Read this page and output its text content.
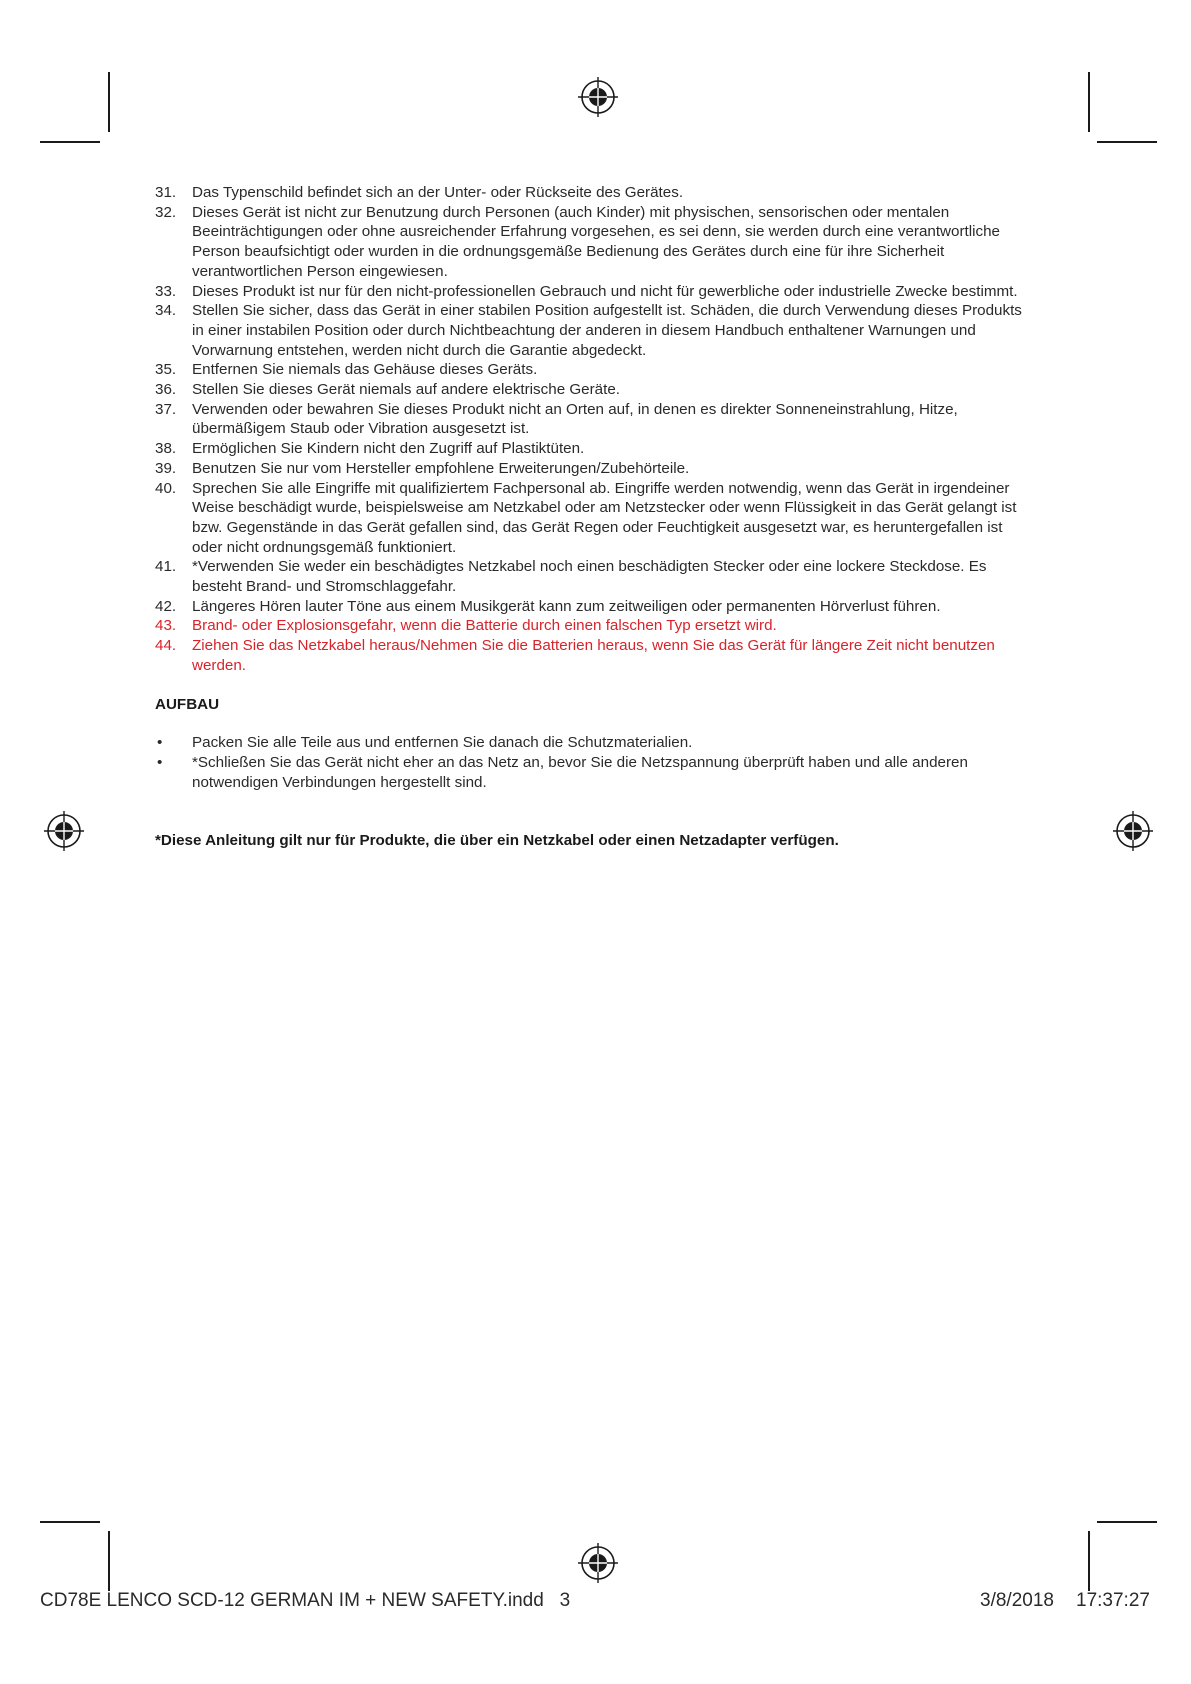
31.	Das Typenschild befindet sich an der Unter- oder Rückseite des Gerätes.
32.	Dieses Gerät ist nicht zur Benutzung durch Personen (auch Kinder) mit physischen, sensorischen oder mentalen Beeinträchtigungen oder ohne ausreichender Erfahrung vorgesehen, es sei denn, sie werden durch eine verantwortliche Person beaufsichtigt oder wurden in die ordnungsgemäße Bedienung des Gerätes durch eine für ihre Sicherheit verantwortlichen Person eingewiesen.
33.	Dieses Produkt ist nur für den nicht-professionellen Gebrauch und nicht für gewerbliche oder industrielle Zwecke bestimmt.
34.	Stellen Sie sicher, dass das Gerät in einer stabilen Position aufgestellt ist. Schäden, die durch Verwendung dieses Produkts in einer instabilen Position oder durch Nichtbeachtung der anderen in diesem Handbuch enthaltener Warnungen und Vorwarnung entstehen, werden nicht durch die Garantie abgedeckt.
35.	Entfernen Sie niemals das Gehäuse dieses Geräts.
36.	Stellen Sie dieses Gerät niemals auf andere elektrische Geräte.
37.	Verwenden oder bewahren Sie dieses Produkt nicht an Orten auf, in denen es direkter Sonneneinstrahlung, Hitze, übermäßigem Staub oder Vibration ausgesetzt ist.
38.	Ermöglichen Sie Kindern nicht den Zugriff auf Plastiktüten.
39.	Benutzen Sie nur vom Hersteller empfohlene Erweiterungen/Zubehörteile.
40.	Sprechen Sie alle Eingriffe mit qualifiziertem Fachpersonal ab. Eingriffe werden notwendig, wenn das Gerät in irgendeiner Weise beschädigt wurde, beispielsweise am Netzkabel oder am Netzstecker oder wenn Flüssigkeit in das Gerät gelangt ist bzw. Gegenstände in das Gerät gefallen sind, das Gerät Regen oder Feuchtigkeit ausgesetzt war, es heruntergefallen ist oder nicht ordnungsgemäß funktioniert.
41.	*Verwenden Sie weder ein beschädigtes Netzkabel noch einen beschädigten Stecker oder eine lockere Steckdose. Es besteht Brand- und Stromschlaggefahr.
42.	Längeres Hören lauter Töne aus einem Musikgerät kann zum zeitweiligen oder permanenten Hörverlust führen.
43.	Brand- oder Explosionsgefahr, wenn die Batterie durch einen falschen Typ ersetzt wird.
44.	Ziehen Sie das Netzkabel heraus/Nehmen Sie die Batterien heraus, wenn Sie das Gerät für längere Zeit nicht benutzen werden.
AUFBAU
•	Packen Sie alle Teile aus und entfernen Sie danach die Schutzmaterialien.
•	*Schließen Sie das Gerät nicht eher an das Netz an, bevor Sie die Netzspannung überprüft haben und alle anderen notwendigen Verbindungen hergestellt sind.
*Diese Anleitung gilt nur für Produkte, die über ein Netzkabel oder einen Netzadapter verfügen.
CD78E LENCO SCD-12 GERMAN IM + NEW SAFETY.indd   3	3/8/2018 17:37:27
